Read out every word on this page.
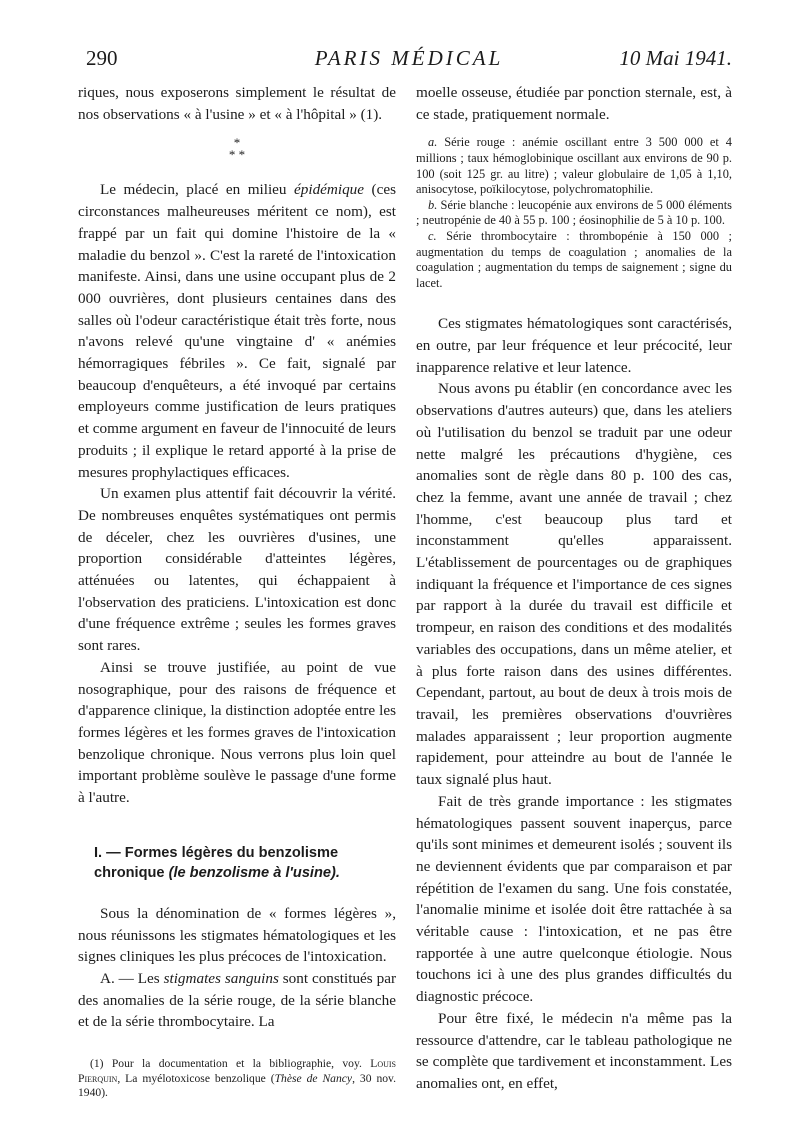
290	PARIS MÉDICAL	10 Mai 1941.

riques, nous exposerons simplement le résultat de nos observations « à l'usine » et « à l'hôpital » (1).

*
* *

Le médecin, placé en milieu épidémique (ces circonstances malheureuses méritent ce nom), est frappé par un fait qui domine l'histoire de la « maladie du benzol ». C'est la rareté de l'intoxication manifeste. Ainsi, dans une usine occupant plus de 2 000 ouvrières, dont plusieurs centaines dans des salles où l'odeur caractéristique était très forte, nous n'avons relevé qu'une vingtaine d' « anémies hémorragiques fébriles ». Ce fait, signalé par beaucoup d'enquêteurs, a été invoqué par certains employeurs comme justification de leurs pratiques et comme argument en faveur de l'innocuité de leurs produits ; il explique le retard apporté à la prise de mesures prophylactiques efficaces.

Un examen plus attentif fait découvrir la vérité. De nombreuses enquêtes systématiques ont permis de déceler, chez les ouvrières d'usines, une proportion considérable d'atteintes légères, atténuées ou latentes, qui échappaient à l'observation des praticiens. L'intoxication est donc d'une fréquence extrême ; seules les formes graves sont rares.

Ainsi se trouve justifiée, au point de vue nosographique, pour des raisons de fréquence et d'apparence clinique, la distinction adoptée entre les formes légères et les formes graves de l'intoxication benzolique chronique. Nous verrons plus loin quel important problème soulève le passage d'une forme à l'autre.

I. — Formes légères du benzolisme chronique (le benzolisme à l'usine).

Sous la dénomination de « formes légères », nous réunissons les stigmates hématologiques et les signes cliniques les plus précoces de l'intoxication.

A. — Les stigmates sanguins sont constitués par des anomalies de la série rouge, de la série blanche et de la série thrombocytaire. La

(1) Pour la documentation et la bibliographie, voy. Louis Pierquin, La myélotoxicose benzolique (Thèse de Nancy, 30 nov. 1940).

moelle osseuse, étudiée par ponction sternale, est, à ce stade, pratiquement normale.

a. Série rouge : anémie oscillant entre 3 500 000 et 4 millions ; taux hémoglobinique oscillant aux environs de 90 p. 100 (soit 125 gr. au litre) ; valeur globulaire de 1,05 à 1,10, anisocytose, poïkilocytose, polychromatophilie.

b. Série blanche : leucopénie aux environs de 5 000 éléments ; neutropénie de 40 à 55 p. 100 ; éosinophilie de 5 à 10 p. 100.

c. Série thrombocytaire : thrombopénie à 150 000 ; augmentation du temps de coagulation ; anomalies de la coagulation ; augmentation du temps de saignement ; signe du lacet.

Ces stigmates hématologiques sont caractérisés, en outre, par leur fréquence et leur précocité, leur inapparence relative et leur latence.

Nous avons pu établir (en concordance avec les observations d'autres auteurs) que, dans les ateliers où l'utilisation du benzol se traduit par une odeur nette malgré les précautions d'hygiène, ces anomalies sont de règle dans 80 p. 100 des cas, chez la femme, avant une année de travail ; chez l'homme, c'est beaucoup plus tard et inconstamment qu'elles apparaissent. L'établissement de pourcentages ou de graphiques indiquant la fréquence et l'importance de ces signes par rapport à la durée du travail est difficile et trompeur, en raison des conditions et des modalités variables des occupations, dans un même atelier, et à plus forte raison dans des usines différentes. Cependant, partout, au bout de deux à trois mois de travail, les premières observations d'ouvrières malades apparaissent ; leur proportion augmente rapidement, pour atteindre au bout de l'année le taux signalé plus haut.

Fait de très grande importance : les stigmates hématologiques passent souvent inaperçus, parce qu'ils sont minimes et demeurent isolés ; souvent ils ne deviennent évidents que par comparaison et par répétition de l'examen du sang. Une fois constatée, l'anomalie minime et isolée doit être rattachée à sa véritable cause : l'intoxication, et ne pas être rapportée à une autre quelconque étiologie. Nous touchons ici à une des plus grandes difficultés du diagnostic précoce.

Pour être fixé, le médecin n'a même pas la ressource d'attendre, car le tableau pathologique ne se complète que tardivement et inconstamment. Les anomalies ont, en effet,
